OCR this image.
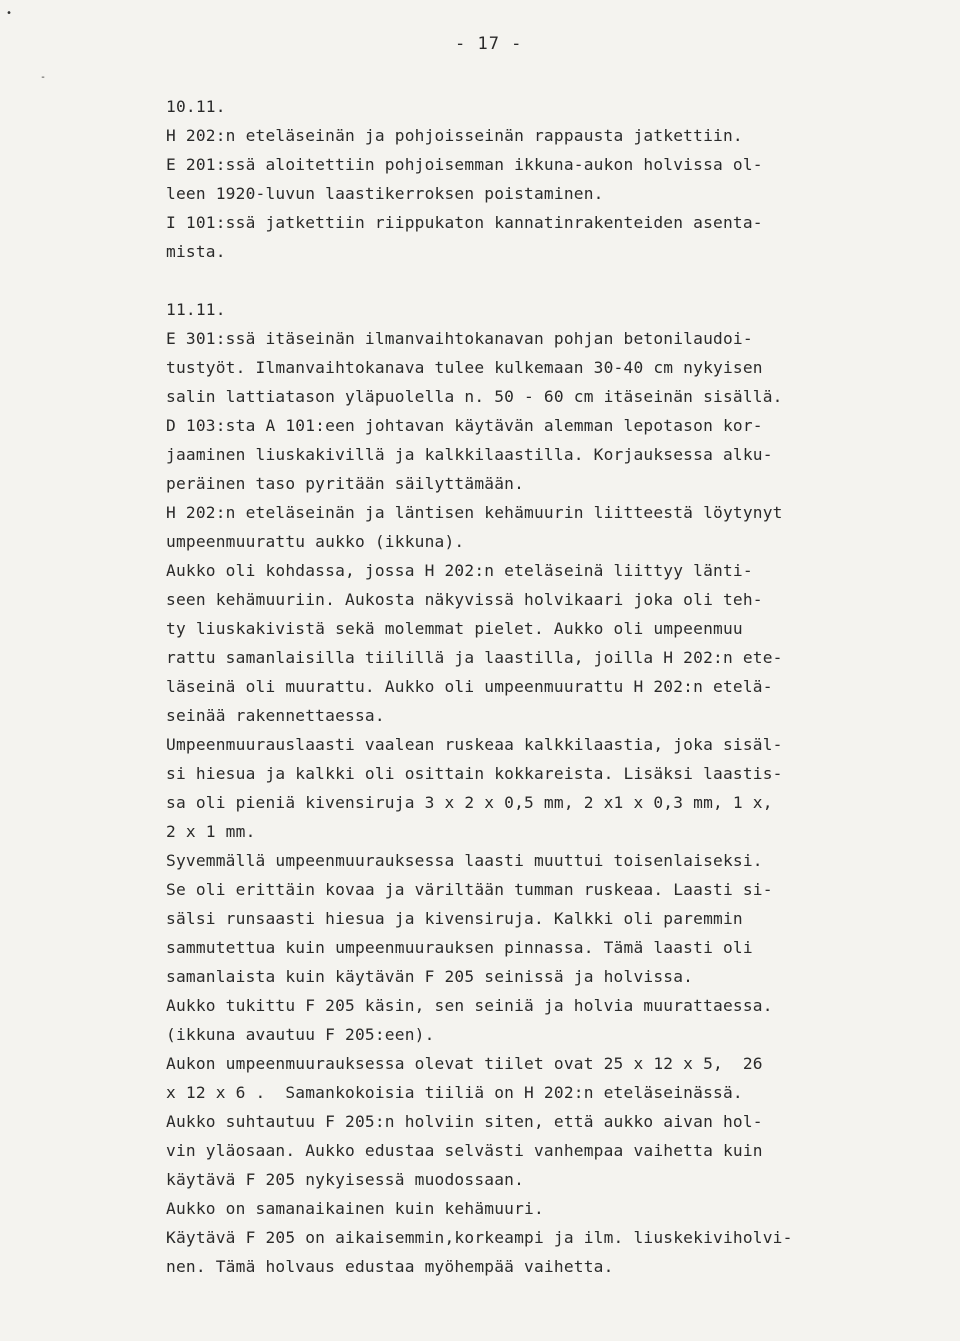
•
-
- 17 -
10.11.
H 202:n eteläseinän ja pohjoisseinän rappausta jatkettiin.
E 201:ssä aloitettiin pohjoisemman ikkuna-aukon holvissa ol-
leen 1920-luvun laastikerroksen poistaminen.
I 101:ssä jatkettiin riippukaton kannatinrakenteiden asenta-
mista.
11.11.
E 301:ssä itäseinän ilmanvaihtokanavan pohjan betonilaudoi-
tustyöt. Ilmanvaihtokanava tulee kulkemaan 30-40 cm nykyisen
salin lattiatason yläpuolella n. 50 - 60 cm itäseinän sisällä.
D 103:sta A 101:een johtavan käytävän alemman lepotason kor-
jaaminen liuskakivillä ja kalkkilaastilla. Korjauksessa alku-
peräinen taso pyritään säilyttämään.
H 202:n eteläseinän ja läntisen kehämuurin liitteestä löytynyt
umpeenmuurattu aukko (ikkuna).
Aukko oli kohdassa, jossa H 202:n eteläseinä liittyy länti-
seen kehämuuriin. Aukosta näkyvissä holvikaari joka oli teh-
ty liuskakivistä sekä molemmat pielet. Aukko oli umpeenmuu
rattu samanlaisilla tiilillä ja laastilla, joilla H 202:n ete-
läseinä oli muurattu. Aukko oli umpeenmuurattu H 202:n etelä-
seinää rakennettaessa.
Umpeenmuurauslaasti vaalean ruskeaa kalkkilaastia, joka sisäl-
si hiesua ja kalkki oli osittain kokkareista. Lisäksi laastis-
sa oli pieniä kivensiruja 3 x 2 x 0,5 mm, 2 x1 x 0,3 mm, 1 x,
2 x 1 mm.
Syvemmällä umpeenmuurauksessa laasti muuttui toisenlaiseksi.
Se oli erittäin kovaa ja väriltään tumman ruskeaa. Laasti si-
sälsi runsaasti hiesua ja kivensiruja. Kalkki oli paremmin
sammutettua kuin umpeenmuurauksen pinnassa. Tämä laasti oli
samanlaista kuin käytävän F 205 seinissä ja holvissa.
Aukko tukittu F 205 käsin, sen seiniä ja holvia muurattaessa.
(ikkuna avautuu F 205:een).
Aukon umpeenmuurauksessa olevat tiilet ovat 25 x 12 x 5,  26
x 12 x 6 .  Samankokoisia tiiliä on H 202:n eteläseinässä.
Aukko suhtautuu F 205:n holviin siten, että aukko aivan hol-
vin yläosaan. Aukko edustaa selvästi vanhempaa vaihetta kuin
käytävä F 205 nykyisessä muodossaan.
Aukko on samanaikainen kuin kehämuuri.
Käytävä F 205 on aikaisemmin,korkeampi ja ilm. liuskekiviholvi-
nen. Tämä holvaus edustaa myöhempää vaihetta.
